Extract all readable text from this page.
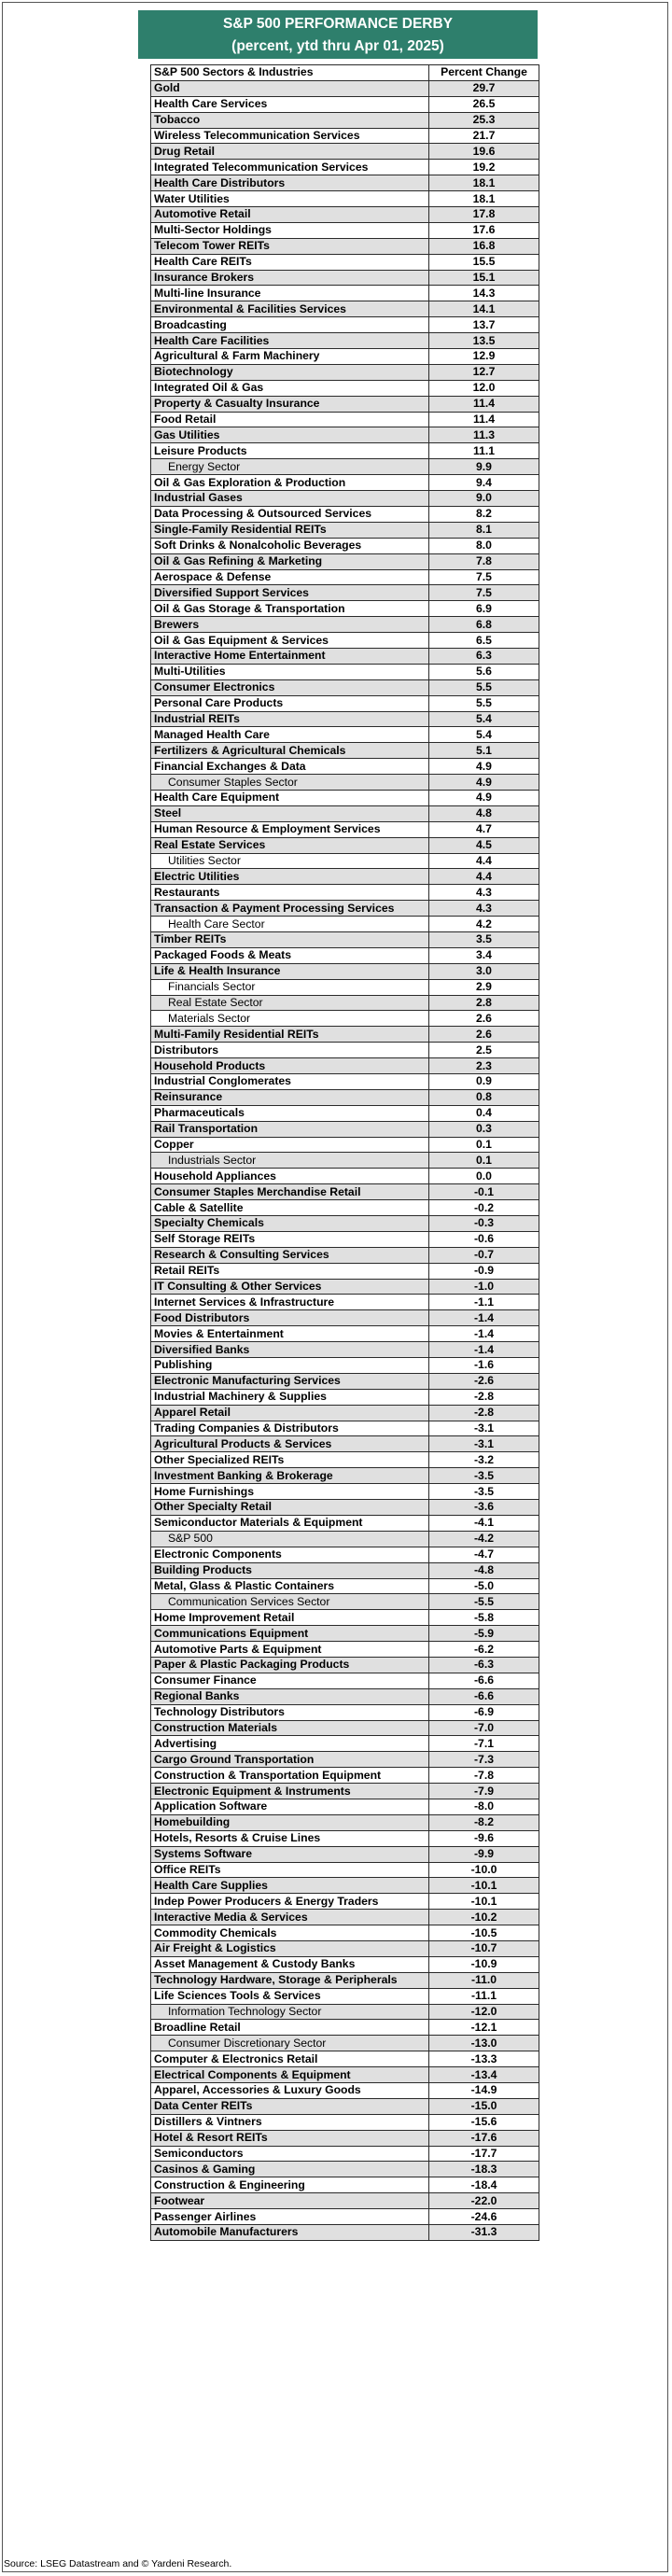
S&P 500 PERFORMANCE DERBY
(percent, ytd thru Apr 01, 2025)
S&P 500 Sectors & Industries	Percent Change
Gold	29.7
Health Care Services	26.5
Tobacco	25.3
Wireless Telecommunication Services	21.7
Drug Retail	19.6
Integrated Telecommunication Services	19.2
Health Care Distributors	18.1
Water Utilities	18.1
Automotive Retail	17.8
Multi-Sector Holdings	17.6
Telecom Tower REITs	16.8
Health Care REITs	15.5
Insurance Brokers	15.1
Multi-line Insurance	14.3
Environmental & Facilities Services	14.1
Broadcasting	13.7
Health Care Facilities	13.5
Agricultural & Farm Machinery	12.9
Biotechnology	12.7
Integrated Oil & Gas	12.0
Property & Casualty Insurance	11.4
Food Retail	11.4
Gas Utilities	11.3
Leisure Products	11.1
Energy Sector	9.9
Oil & Gas Exploration & Production	9.4
Industrial Gases	9.0
Data Processing & Outsourced Services	8.2
Single-Family Residential REITs	8.1
Soft Drinks & Nonalcoholic Beverages	8.0
Oil & Gas Refining & Marketing	7.8
Aerospace & Defense	7.5
Diversified Support Services	7.5
Oil & Gas Storage & Transportation	6.9
Brewers	6.8
Oil & Gas Equipment & Services	6.5
Interactive Home Entertainment	6.3
Multi-Utilities	5.6
Consumer Electronics	5.5
Personal Care Products	5.5
Industrial REITs	5.4
Managed Health Care	5.4
Fertilizers & Agricultural Chemicals	5.1
Financial Exchanges & Data	4.9
Consumer Staples Sector	4.9
Health Care Equipment	4.9
Steel	4.8
Human Resource & Employment Services	4.7
Real Estate Services	4.5
Utilities Sector	4.4
Electric Utilities	4.4
Restaurants	4.3
Transaction & Payment Processing Services	4.3
Health Care Sector	4.2
Timber REITs	3.5
Packaged Foods & Meats	3.4
Life & Health Insurance	3.0
Financials Sector	2.9
Real Estate Sector	2.8
Materials Sector	2.6
Multi-Family Residential REITs	2.6
Distributors	2.5
Household Products	2.3
Industrial Conglomerates	0.9
Reinsurance	0.8
Pharmaceuticals	0.4
Rail Transportation	0.3
Copper	0.1
Industrials Sector	0.1
Household Appliances	0.0
Consumer Staples Merchandise Retail	-0.1
Cable & Satellite	-0.2
Specialty Chemicals	-0.3
Self Storage REITs	-0.6
Research & Consulting Services	-0.7
Retail REITs	-0.9
IT Consulting & Other Services	-1.0
Internet Services & Infrastructure	-1.1
Food Distributors	-1.4
Movies & Entertainment	-1.4
Diversified Banks	-1.4
Publishing	-1.6
Electronic Manufacturing Services	-2.6
Industrial Machinery & Supplies	-2.8
Apparel Retail	-2.8
Trading Companies & Distributors	-3.1
Agricultural Products & Services	-3.1
Other Specialized REITs	-3.2
Investment Banking & Brokerage	-3.5
Home Furnishings	-3.5
Other Specialty Retail	-3.6
Semiconductor Materials & Equipment	-4.1
S&P 500	-4.2
Electronic Components	-4.7
Building Products	-4.8
Metal, Glass & Plastic Containers	-5.0
Communication Services Sector	-5.5
Home Improvement Retail	-5.8
Communications Equipment	-5.9
Automotive Parts & Equipment	-6.2
Paper & Plastic Packaging Products	-6.3
Consumer Finance	-6.6
Regional Banks	-6.6
Technology Distributors	-6.9
Construction Materials	-7.0
Advertising	-7.1
Cargo Ground Transportation	-7.3
Construction & Transportation Equipment	-7.8
Electronic Equipment & Instruments	-7.9
Application Software	-8.0
Homebuilding	-8.2
Hotels, Resorts & Cruise Lines	-9.6
Systems Software	-9.9
Office REITs	-10.0
Health Care Supplies	-10.1
Indep Power Producers & Energy Traders	-10.1
Interactive Media & Services	-10.2
Commodity Chemicals	-10.5
Air Freight & Logistics	-10.7
Asset Management & Custody Banks	-10.9
Technology Hardware, Storage & Peripherals	-11.0
Life Sciences Tools & Services	-11.1
Information Technology Sector	-12.0
Broadline Retail	-12.1
Consumer Discretionary Sector	-13.0
Computer & Electronics Retail	-13.3
Electrical Components & Equipment	-13.4
Apparel, Accessories & Luxury Goods	-14.9
Data Center REITs	-15.0
Distillers & Vintners	-15.6
Hotel & Resort REITs	-17.6
Semiconductors	-17.7
Casinos & Gaming	-18.3
Construction & Engineering	-18.4
Footwear	-22.0
Passenger Airlines	-24.6
Automobile Manufacturers	-31.3
Source: LSEG Datastream and © Yardeni Research.
